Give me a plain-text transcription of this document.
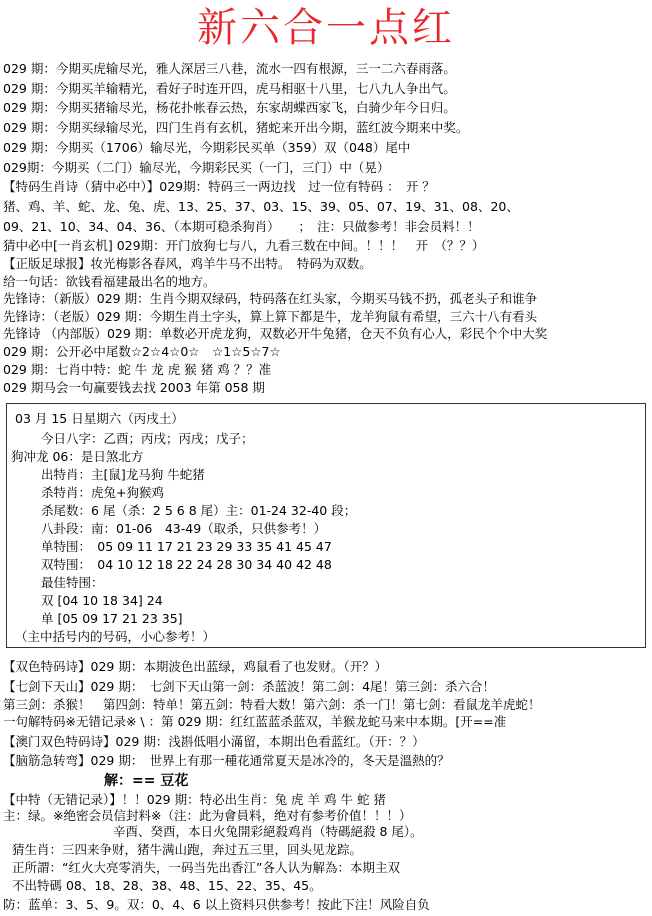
新六合一点红
029 期：今期买虎输尽光，雅人深居三八巷，流水一四有根源，三一二六春雨落。
029 期：今期买羊输精光，看好子时连开四，虎马相驱十八里，七八九人争出气。
029 期：今期买猪输尽光，杨花扑帐春云热，东家胡蝶西家飞，白骑少年今日归。
029 期：今期买绿输尽光，四门生肖有玄机，猪蛇来开出今期，蓝红波今期来中奖。
029 期：今期买（1706）输尽光，今期彩民买单（359）双（048）尾中
029期：今期买（二门）输尽光，今期彩民买（一门，三门）中（晃）
【特码生肖诗（猜中必中）】029期：特码三一两边找　过一位有特码 ：　开 ？
猪、鸡、羊、蛇、龙、兔、虎、13、25、37、03、15、39、05、07、19、31、08、20、
09、21、10、34、04、36、（本期可稳杀狗肖）　　；　注：只做参考！非会员料！！
猜中必中[一肖玄机] 029期：开门放狗七与八，九看三数在中间。！！！　开　（？？）
【正版足球报】妆光梅影各春风，鸡羊牛马不出特。　特码为双数。
给一句话：欲钱看福建最出名的地方。
先锋诗：（新版）029 期：生肖今期双绿码，特码落在红头家，今期买马钱不扔，孤老头子和谁争
先锋诗：（老版）029 期：今期生肖土字头，算上算下都是牛，龙羊狗鼠有希望，三六十八有看头
先锋诗 （内部版）029 期：单数必开虎龙狗，双数必开牛兔猪，仓天不负有心人，彩民个个中大奖
029 期：公开必中尾数☆2☆4☆0☆　☆1☆5☆7☆
029 期：七肖中特：蛇 牛 龙 虎 猴 猪 鸡 ？？准
029 期马会一句赢要钱去找 2003 年第 058 期
03 月 15 日星期六（丙戌土）
今日八字：乙酉；丙戌；丙戌；戊子；
狗冲龙 06：是日煞北方
出特肖：主[鼠]龙马狗 牛蛇猪
杀特肖：虎兔+狗猴鸡
杀尾数：6 尾（杀：2 5 6 8 尾）主：01-24 32-40 段；
八卦段：南：01-06　43-49（取杀，只供参考！）
单特围：　05 09 11 17 21 23 29 33 35 41 45 47
双特围：　04 10 12 18 22 24 28 30 34 40 42 48
最佳特围：
双 [04 10 18 34] 24
单 [05 09 17 21 23 35]
（主中括号内的号码，小心参考！）
【双色特码诗】029 期：本期波色出蓝绿，鸡鼠看了也发财。（开？）
【七剑下天山】029 期：　七剑下天山第一剑：杀蓝波！第二剑：4尾！第三剑：杀六合！
第三剑：杀猴！　第四剑：特单！第五剑：特看大数！第六剑：杀一门！第七剑：看鼠龙羊虎蛇！
一句解特码※无错记录※ \ ：第 029 期：红红蓝蓝杀蓝双，羊猴龙蛇马来中本期。[开==准
【澳门双色特码诗】029 期：浅斟低唱小滿留，本期出色看蓝红。（开：？）
【脑筋急转弯】029 期：　世界上有那一種花通常夏天是冰冷的，冬天是溫熱的？
解：== 豆花
【中特（无错记录）】！！029 期：特必出生肖：兔 虎 羊 鸡 牛 蛇 猪
主：绿。※绝密会员信封料※（注：此为會員料，绝对有参考价值！！！）
辛酉、癸酉，本日火兔開彩絕殺鸡肖（特碼絕殺 8 尾）。
猜生肖：三四来争财，猪牛满山跑，奔过五三里，回头见龙踪。
正所謂：“红火大亮零消失，一码当先出香江”各人认为解為：本期主双
不出特碼 08、18、28、38、48、15、22、35、45。
防：蓝单：3、5、9。双：0、4、6 以上资料只供参考！按此下注！风险自负
